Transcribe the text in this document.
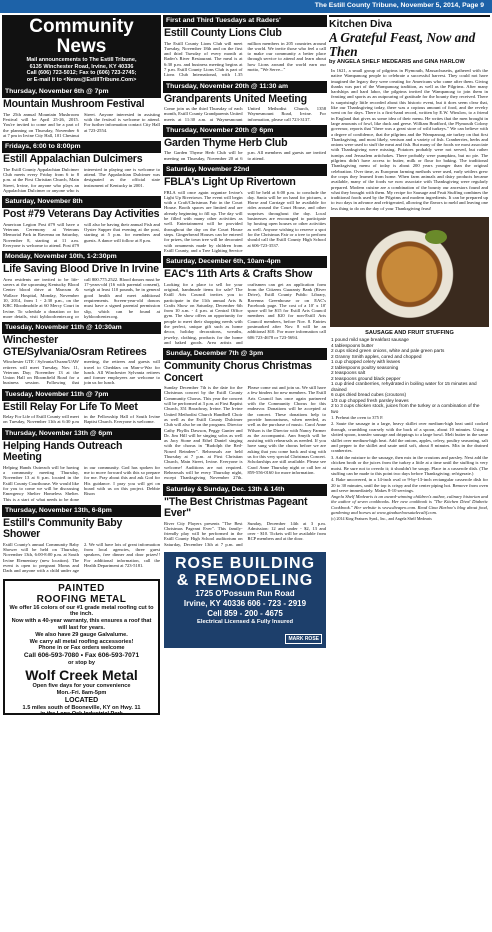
The Estill County Tribune, November 5, 2014, Page 9
Community News
Mail announcements to The Estill Tribune,
6135 Winchester Road, Irvine, KY 40336
Call (606) 723-5012; Fax to (606) 723-2745;
or E-mail it to <News@EstillTribune.Com>
Thursday, November 6th @ 7pm
Mountain Mushroom Festival
The 25th annual Mountain Mushroom Festival will be April 25-26, 2015. You're invited to come and be a part of the planning on Thursday, November 6 at 7 pm in Irvine City Hall, 101 Chestnut Street. Anyone interested in assisting with the festival is welcome to attend. For further information contact City Hall at 723-2554.
Fridays, 6:00 to 8:00pm
Estill Appalachian Dulcimers
The Estill County Appalachian Dulcimer Club meets every Friday from 6 to 8 p.m. at the First Christian Church, Main Street, Irvine, for anyone who plays an Appalachian Dulcimer or anyone who is interested in playing one is welcome to attend. The Appalachian Dulcimer was designated as the official state instrument of Kentucky in 2001.
Saturday, November 8th
Post #79 Veterans Day Activities
American Legion Post #79 will have a Veterans Ceremony at Veterans Memorial Park in Ravenna on Saturday, November 8, starting at 11 a.m. Everyone is welcome to attend. Post #79 will also be having their annual Fish and Oyster Supper that evening at the post, starting at 5 p.m. for members and guests. A dance will follow at 8 p.m.
Monday, November 10th, 1-2:30pm
Life Saving Blood Drive In Irvine
Area residents are invited to be life-savers at the upcoming Kentucky Blood Center blood drive at Marcum & Wallace Hospital, Monday, November 10, 2014, from 1 - 2:30 p.m., on the KBC Bloodmobile at 60 Mercy Court in Irvine. To schedule a donation or for more details, visit kybloodcenter.org or call 800.775.2522. Blood donors must be 17-years-old (16 with parental consent), weigh at least 110 pounds, be in general good health and meet additional requirements. Screen-year-old donors must have a signed parental permission slip, which can be found at kybloodcenter.org.
Tuesday, November 11th @ 10:30am
Winchester GTE/Sylvania/Osram Retirees
Winchester GTE / Sylvania/Osram/UAW retirees will meet Tuesday, Nov. 11, Veterans Day; November 13 at the Union Hall on Bloomfield Road for a business session. Following that meeting, the retirees and guests will travel to Cheddars on Man-o-War for lunch. All Winchester Sylvania retirees and former employees are welcome to join us for lunch.
Tuesday, November 11th @ 7pm
Estill Relay For Life To Meet
Relay For Life of Estill County will meet on Tuesday, November 11th at 6:30 p.m in the Fellowship Hall of South Irvine Baptist Church. Everyone is welcome.
Thursday, November 13th @ 6pm
Helping Hands Outreach Meeting
Helping Hands Outreach will be having a community meeting Thursday, November 13 at 6 p.m. located in the Estill County Courthouse. We would like for you to come we will be discussing Emergency Shelter Homeless Shelter. This is a start of what needs to be done in our community. God has spoken for me to move forward with this so prepare for me. Pray about this and ask God for His guidance. I pray you will get on board with us on this project. Debbie Rison
Thursday, November 13th, 6-8pm
Estill's Community Baby Shower
Estill County's annual Community Baby Shower will be held on Thursday, November 13th, 6:00-8:00 p.m. at South Irvine Elementary (new location). The event is open to pregnant Moms and Dads and anyone with a child under age 2. We will have lots of great information from local agencies, three guest speakers, free dinner and door prizes!! For additional information, call the Health Department at 723-5181.
PAINTED
ROOFING METAL
We offer 16 colors of our #1 grade metal roofing cut to the inch.
Now with a 40-year warranty, this ensures a roof that will last for years.
We also have 29 gauge Galvalume.
We carry all metal roofing accessories!
Phone in or Fax orders welcome
Call 606-593-7080 • Fax 606-593-7071
or stop by
Wolf Creek Metal
Open five days for your convenience
Mon.-Fri. 8am-5pm
LOCATED
1.5 miles south of Booneville, KY on Hwy. 11
in the Lone Oak Industrial Park
First and Third Tuesdays at Raders'
Estill County Lions Club
The Estill County Lions Club will meet Tuesday, November 18th and on the first and third Tuesday of every month at Rader's River Restaurant. The meal is at 6:30 p.m. and business meeting begins at 7 p.m. Estill County Lions Club is part of Lions Club International, with 1.35 million members in 205 countries around the world. We invite those who feel a call to make our community a better place through service to attend and learn about how Lions around the world earn our motto, "We Serve..."
Thursday, November 20th @ 11:30 am
Grandparents United Meeting
Come join us the third Thursday of each month, Estill County Grandparents United meets at 11:30 a.m. at Waynesmount United Methodist Church, 1358 Waynesmount Road, Irvine. For information, please call 723-3137.
Thursday, November 20th @ 6pm
Garden Thyme Herb Club
The Garden Thyme Herb Club will be meeting on Thursday, November 20 at 6 p.m. All members and guests are invited to attend.
Saturday, November 22nd
FBLA's Light Up Rivertown
FBLA will once again organize Irvine's Light Up Rivertown. The event will begin with a Craft/Christmas Fair in the Court House. Booth spaces are limited and are already beginning to fill up. The day will be filled with many other activities as well. Entertainment will be provided throughout the day on the Court House steps. Gingerbread Houses can be entered for prizes, the town tree will be decorated with ornaments made by children from Estill County, and a Tree Lighting Service will be held at 6:00 p.m. to conclude the day. Santa will be on hand for pictures, a Horse and Carriage will be available for rides around the Court House, and other surprises throughout the day. Local businesses are encouraged to participate by hosting open houses or other activities as well. Anyone wishing to reserve a spot for the Christmas Fair or a tree to perform should call the Estill County High School at 606-723-3537.
Saturday, December 6th, 10am-4pm
EAC's 11th Arts & Crafts Show
Looking for a place to sell for your original, handmade items for sale? The Estill Arts Council invites you to participate in the 11th annual Arts & Crafts Show on Saturday, December 6th from 10 a.m. - 4 p.m. at Central Office gym. The show offers an opportunity for people to meet their shopping needs with the perfect, unique gift such as home decor, holiday decorations, wreaths, jewelry, clothing, products for the home and baked goods. Area artists and craftsmen can get an application form from the Citizens Guaranty Bank (River Drive), Estill County Public Library, Ravenna Greenhouse or on EAC's Facebook page. The cost of a 10' x 10' space will be $15 for Estill Arts Council members and $20 for non-Estill Arts Council members, before Nov. 8. Entries postmarked after Nov. 8 will be an additional $10. For more information call 606 723-4678 or 723-5694.
Sunday, December 7th @ 3pm
Community Chorus Christmas Concert
Sunday December 7th is the date for the Christmas concert by the Estill County Community Chorus. This year the concert will be performed at 3 p.m. at First Baptist Church, 351 Broadway, Irvine. The Irvine United Methodist Church Handbell Choir as well as the Estill County Dulcimer Club will also be on the program. Director Cathy Phyllis Dawson, Peggy Gunter and Dr. Jim Hill will be singing solos as well as Jacy Stone and Ethel Daniel singing with the chorus in "Rudolph the Red-Nosed Reindeer". Rehearsals are held Thursday at 7 p.m. at First Christian Church, Main Street, Irvine. Everyone is welcome! Auditions are not required. Rehearsals will be every Thursday night, except Thanksgiving November 27th. Please come out and join us. We still have a few binders for new members. The Estill Arts Council has once again partnered with the Community Chorus for this endeavor. Donations will be accepted at the concert. These donations help to provide honorariums, when needed, as well as the purchase of music. Carol Anne Wilson is the Director with Nancy Farmer as the accompanist. Ann Smyth will be assisting with rehearsals as needed. If you have sung with the chorus before we are asking that you come back and sing with us for this very special Christmas Concert. Scholarships are still available. Please see Carol Anne Thursday night or call her at 859-556-0160 for more information.
Saturday & Sunday, Dec. 13th & 14th
"The Best Christmas Pageant Ever"
River City Players presents "The Best Christmas Pageant Ever". This family-friendly play will be performed in the Estill County High School auditorium on Saturday, December 13th at 7 p.m. and Sunday, December 14th at 3 p.m. Admission: 12 and under - $2, 13 and over - $10. Tickets will be available from RCP members and at the door.
ROSE BUILDING
& REMODELING
1725 O'Possum Run Road
Irvine, KY 40336 606 - 723 - 2919
Cell 859 - 200 - 4675
Electrical Licensed & Fully Insured
MARK ROSE
Kitchen Diva
A Grateful Feast, Now and Then
by ANGELA SHELF MEDEARIS and GINA HARLOW
In 1621, a small group of pilgrims in Plymouth, Massachusetts, gathered with the native Wampanoag people to celebrate a successful harvest. They could not have imagined the legacy they were creating for Americans who came after them. Giving thanks was part of the Wampanoag tradition, as well as the Pilgrims. After many hardships and hard labor, the pilgrims invited the Wampanoag to join them in feasting and sports as an outpouring of gratitude for the bounty they received. There is surprisingly little recorded about this historic event, but it does seem clear that, like our Thanksgiving today, there was a copious amount of food, and the revelry went on for days. There is a first-hand record, written by E.W. Winslow, to a friend in England that gives us some idea of their menu. He writes that the men brought in large amounts of fowl, like duck and geese. William Bradford, the Plymouth Colony governor, reports that "there was a great store of wild turkeys." We can believe with a degree of confidence, that the pilgrims and the Wampanoag ate turkey on that first Thanksgiving, and most likely, venison and a variety of fish. Cranberries, herbs and onions were used to stuff the meat and fish. But many of the foods we most associate with Thanksgiving were missing. Potatoes probably were not served, but rather turnips and Jerusalem artichokes. There probably were pumpkins, but no pie. The pilgrims didn't have access to butter, milk or flour for baking. The traditional Thanksgiving menu of today is about 200 years younger than the original celebration. Over time, as European farming methods were used, early settlers grew the crops they learned from home. When farm animals and dairy products became available, many of the foods we now associate with Thanksgiving were regularly prepared. Modern cuisine are a combination of the bounty our ancestors found and what they brought with them. My recipe for Sausage and Fruit Stuffing combines the traditional foods used by the Pilgrims and modern ingredients. It can be prepared up to two days in advance and refrigerated, allowing the flavors to meld and leaving one less thing to do on the day of your Thanksgiving feast!
SAUSAGE AND FRUIT STUFFING
1 pound mild sage breakfast sausage
4 tablespoons butter
2 cups sliced green onions, white and pale green parts
2 Granny Smith apples, cored and chopped
1 cup chopped celery with leaves
2 tablespoons poultry seasoning
2 teaspoons salt
2 teaspoons ground black pepper
1 cup dried cranberries, rehydrated in boiling water for 15 minutes and drained
6 cups dried bread cubes (croutons)
1/3 cup chopped fresh parsley leaves
2 to 3 cups chicken stock, juices from the turkey or a combination of the two

1. Preheat the oven to 375 F.

2. Saute the sausage in a large, heavy skillet over medium-high heat until cooked through, crumbling coarsely with the back of a spoon, about 10 minutes. Using a slotted spoon, transfer sausage and drippings to a large bowl. Melt butter in the same skillet over medium-high heat. Add the onions, apples, celery, poultry seasoning, salt and pepper to the skillet and saute until soft, about 8 minutes. Mix in the drained cranberries.

3. Add the mixture to the sausage, then mix in the croutons and parsley. Next add the chicken broth or the juices from the turkey a little at a time until the stuffing is very moist. Be sure not to overdo it; it shouldn't be soupy. Place in a casserole dish. (The stuffing can be made to this point two days before Thanksgiving; refrigerate.)

4. Bake uncovered, in a 14-inch oval or 9-by-13-inch rectangular casserole dish for 20 to 30 minutes, until the top is crispy and the center piping hot. Remove from oven and serve immediately. Makes 8-10 servings.

Angela Shelf Medearis is an award-winning children's author, culinary historian and the author of seven cookbooks. Her new cookbook is "The Kitchen Diva! Diabetic Cookbook." Her website is www.divapro.com. Read Gina Harlow's blog about food, gardening and horses at www.ginaharlowsatalecalif.com.
(c) 2014 King Features Synd., Inc., and Angela Shelf Medearis
